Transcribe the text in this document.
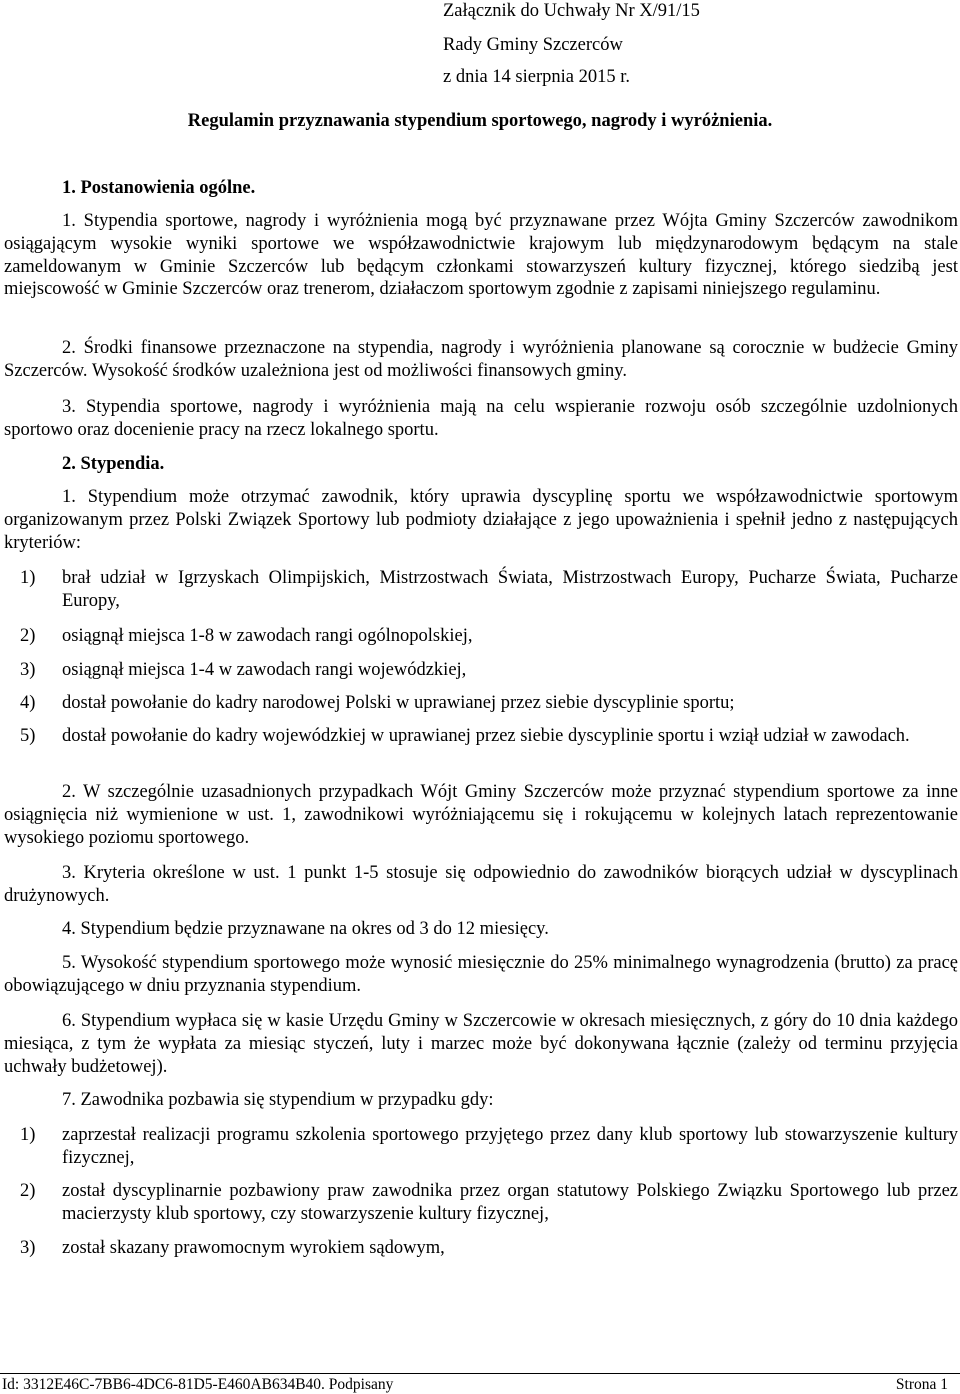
Załącznik do Uchwały Nr X/91/15
Rady Gminy Szczerców
z dnia 14 sierpnia 2015 r.
Regulamin przyznawania stypendium sportowego, nagrody i wyróżnienia.
1. Postanowienia ogólne.

1. Stypendia sportowe, nagrody i wyróżnienia mogą być przyznawane przez Wójta Gminy Szczerców zawodnikom osiągającym wysokie wyniki sportowe we współzawodnictwie krajowym lub międzynarodowym będącym na stale zameldowanym w Gminie Szczerców lub będącym członkami stowarzyszeń kultury fizycznej, którego siedzibą jest miejscowość w Gminie Szczerców oraz trenerom, działaczom sportowym zgodnie z zapisami niniejszego regulaminu.

2. Środki finansowe przeznaczone na stypendia, nagrody i wyróżnienia planowane są corocznie w budżecie Gminy Szczerców. Wysokość środków uzależniona jest od możliwości finansowych gminy.

3. Stypendia sportowe, nagrody i wyróżnienia mają na celu wspieranie rozwoju osób szczególnie uzdolnionych sportowo oraz docenienie pracy na rzecz lokalnego sportu.

2. Stypendia.

1. Stypendium może otrzymać zawodnik, który uprawia dyscyplinę sportu we współzawodnictwie sportowym organizowanym przez Polski Związek Sportowy lub podmioty działające z jego upoważnienia i spełnił jedno z następujących kryteriów:

1) brał udział w Igrzyskach Olimpijskich, Mistrzostwach Świata, Mistrzostwach Europy, Pucharze Świata, Pucharze Europy,
2) osiągnął miejsca 1-8 w zawodach rangi ogólnopolskiej,
3) osiągnął miejsca 1-4 w zawodach rangi wojewódzkiej,
4) dostał powołanie do kadry narodowej Polski w uprawianej przez siebie dyscyplinie sportu;
5) dostał powołanie do kadry wojewódzkiej w uprawianej przez siebie dyscyplinie sportu i wziął udział w zawodach.

2. W szczególnie uzasadnionych przypadkach Wójt Gminy Szczerców może przyznać stypendium sportowe za inne osiągnięcia niż wymienione w ust. 1, zawodnikowi wyróżniającemu się i rokującemu w kolejnych latach reprezentowanie wysokiego poziomu sportowego.

3. Kryteria określone w ust. 1 punkt 1-5 stosuje się odpowiednio do zawodników biorących udział w dyscyplinach drużynowych.

4. Stypendium będzie przyznawane na okres od 3 do 12 miesięcy.

5. Wysokość stypendium sportowego może wynosić miesięcznie do 25% minimalnego wynagrodzenia (brutto) za pracę obowiązującego w dniu przyznania stypendium.

6. Stypendium wypłaca się w kasie Urzędu Gminy w Szczercowie w okresach miesięcznych, z góry do 10 dnia każdego miesiąca, z tym że wypłata za miesiąc styczeń, luty i marzec może być dokonywana łącznie (zależy od terminu przyjęcia uchwały budżetowej).

7. Zawodnika pozbawia się stypendium w przypadku gdy:

1) zaprzestał realizacji programu szkolenia sportowego przyjętego przez dany klub sportowy lub stowarzyszenie kultury fizycznej,
2) został dyscyplinarnie pozbawiony praw zawodnika przez organ statutowy Polskiego Związku Sportowego lub przez macierzysty klub sportowy, czy stowarzyszenie kultury fizycznej,
3) został skazany prawomocnym wyrokiem sądowym,
Id: 3312E46C-7BB6-4DC6-81D5-E460AB634B40. Podpisany	Strona 1
